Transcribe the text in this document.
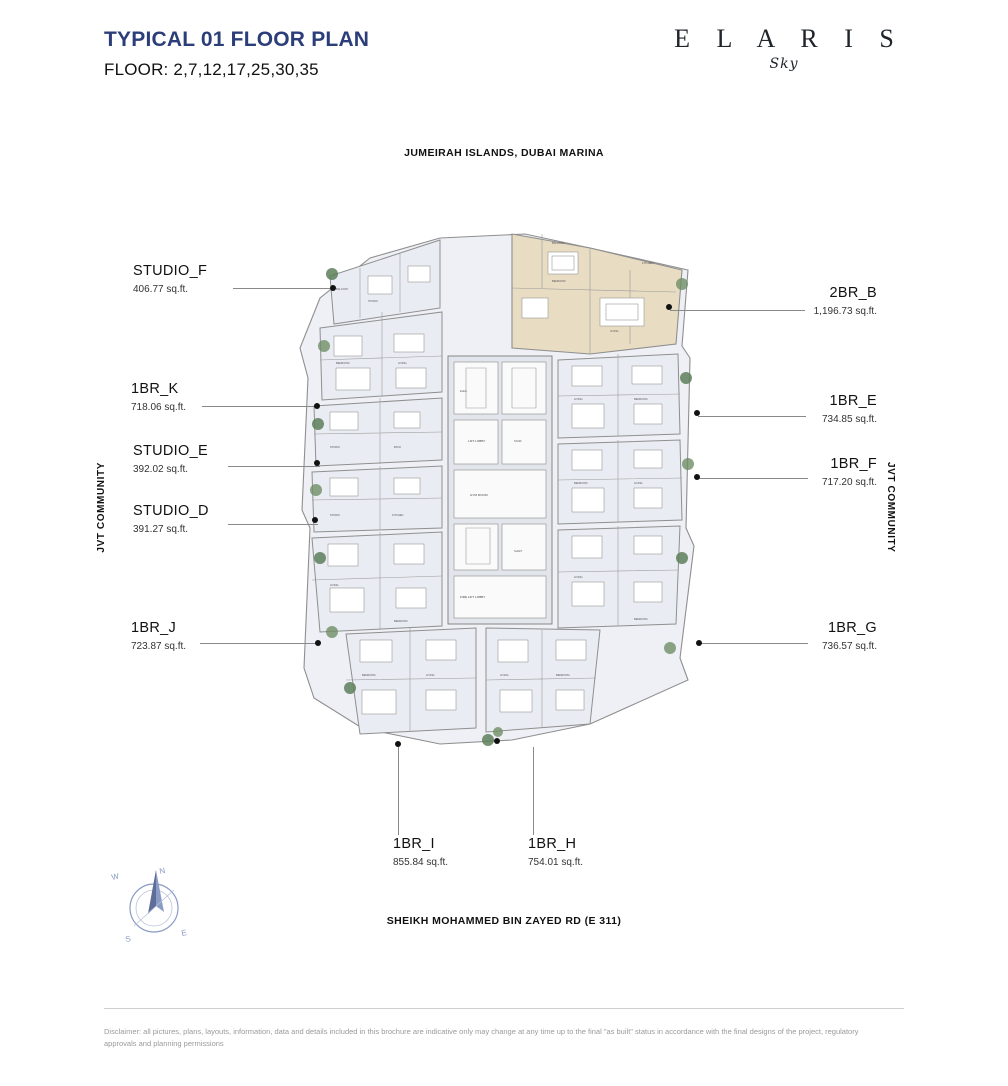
TYPICAL 01 FLOOR PLAN
FLOOR: 2,7,12,17,25,30,35
E L A R I S
Sky
JUMEIRAH ISLANDS, DUBAI MARINA
SHEIKH MOHAMMED BIN ZAYED RD (E 311)
JVT COMMUNITY	JVT COMMUNITY
BEDROOM
LIVING
BALCONY
KITCHEN
STUDIO
BALCONY
BEDROOM	LIVING
STUDIO	BATH
STUDIO	KITCHEN
LIVING
BEDROOM
LIVING	BEDROOM
BEDROOM	LIVING
LIVING
BEDROOM
BEDROOM	LIVING	LIVING	BEDROOM
LIFT LOBBY
GYM ROOM
FIRE LIFT LOBBY
STAIR
SHAFT
ELEC.
STUDIO_F
406.77 sq.ft.
1BR_K
718.06 sq.ft.
STUDIO_E
392.02 sq.ft.
STUDIO_D
391.27 sq.ft.
1BR_J
723.87 sq.ft.
2BR_B
1,196.73 sq.ft.
1BR_E
734.85 sq.ft.
1BR_F
717.20 sq.ft.
1BR_G
736.57 sq.ft.
1BR_I
855.84 sq.ft.
1BR_H
754.01 sq.ft.
N
S
E
W
Disclaimer: all pictures, plans, layouts, information, data and details included in this brochure are indicative only may change at any time up to the final "as built" status in accordance with the final designs of the project, regulatory approvals and planning permissions
